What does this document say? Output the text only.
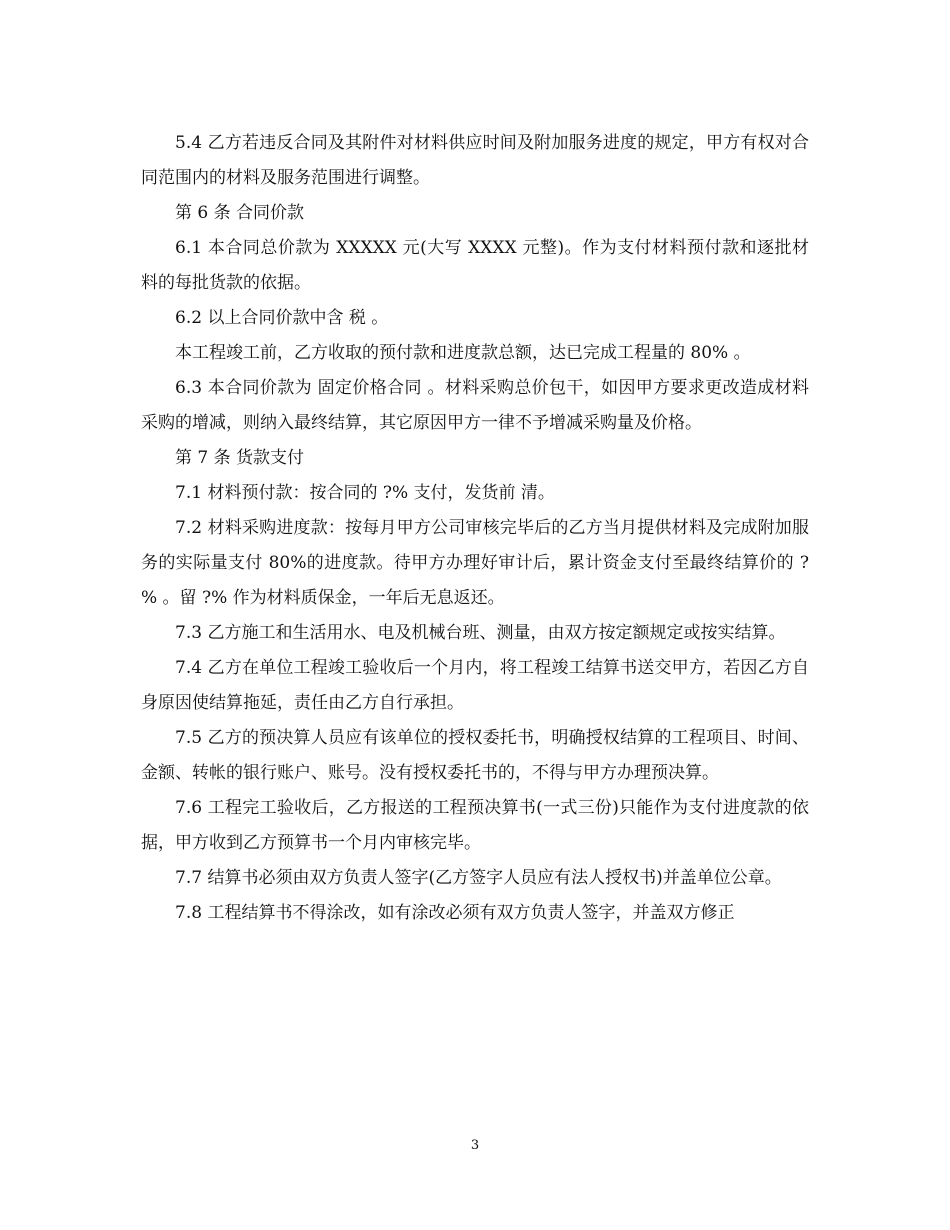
5.4 乙方若违反合同及其附件对材料供应时间及附加服务进度的规定，甲方有权对合同范围内的材料及服务范围进行调整。

第 6 条 合同价款

6.1 本合同总价款为 XXXXX 元(大写 XXXX 元整)。作为支付材料预付款和逐批材料的每批货款的依据。

6.2 以上合同价款中含 税 。

本工程竣工前，乙方收取的预付款和进度款总额，达已完成工程量的 80% 。

6.3 本合同价款为 固定价格合同 。材料采购总价包干，如因甲方要求更改造成材料采购的增减，则纳入最终结算，其它原因甲方一律不予增减采购量及价格。

第 7 条 货款支付

7.1 材料预付款：按合同的 ?% 支付，发货前 清。

7.2 材料采购进度款：按每月甲方公司审核完毕后的乙方当月提供材料及完成附加服务的实际量支付 80%的进度款。待甲方办理好审计后，累计资金支付至最终结算价的 ?% 。留 ?% 作为材料质保金，一年后无息返还。

7.3 乙方施工和生活用水、电及机械台班、测量，由双方按定额规定或按实结算。

7.4 乙方在单位工程竣工验收后一个月内，将工程竣工结算书送交甲方，若因乙方自身原因使结算拖延，责任由乙方自行承担。

7.5 乙方的预决算人员应有该单位的授权委托书，明确授权结算的工程项目、时间、金额、转帐的银行账户、账号。没有授权委托书的，不得与甲方办理预决算。

7.6 工程完工验收后，乙方报送的工程预决算书(一式三份)只能作为支付进度款的依据，甲方收到乙方预算书一个月内审核完毕。

7.7 结算书必须由双方负责人签字(乙方签字人员应有法人授权书)并盖单位公章。

7.8 工程结算书不得涂改，如有涂改必须有双方负责人签字，并盖双方修正

3
